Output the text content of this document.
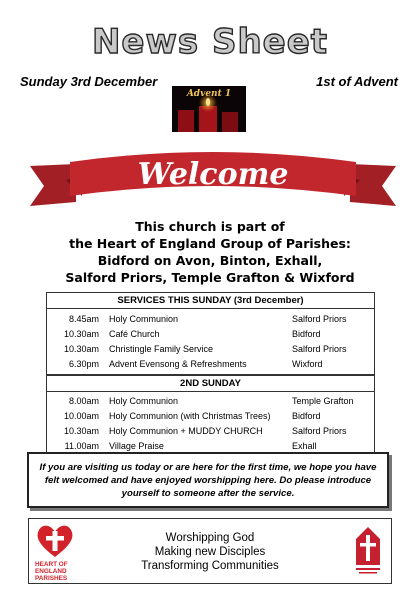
News Sheet
Sunday 3rd December	1st of Advent
Advent 1
Welcome
This church is part of
the Heart of England Group of Parishes:
Bidford on Avon, Binton, Exhall,
Salford Priors, Temple Grafton & Wixford
SERVICES THIS SUNDAY (3rd December)
8.45am	Holy Communion	Salford Priors
10.30am	Café Church	Bidford
10.30am	Christingle Family Service	Salford Priors
6.30pm	Advent Evensong & Refreshments	Wixford
2ND SUNDAY
8.00am	Holy Communion	Temple Grafton
10.00am	Holy Communion (with Christmas Trees)	Bidford
10.30am	Holy Communion + MUDDY CHURCH	Salford Priors
11.00am	Village Praise	Exhall
If you are visiting us today or are here for the first time, we hope you have felt welcomed and have enjoyed worshipping here. Do please introduce yourself to someone after the service.
HEART OF
ENGLAND
PARISHES
Worshipping God
Making new Disciples
Transforming Communities
